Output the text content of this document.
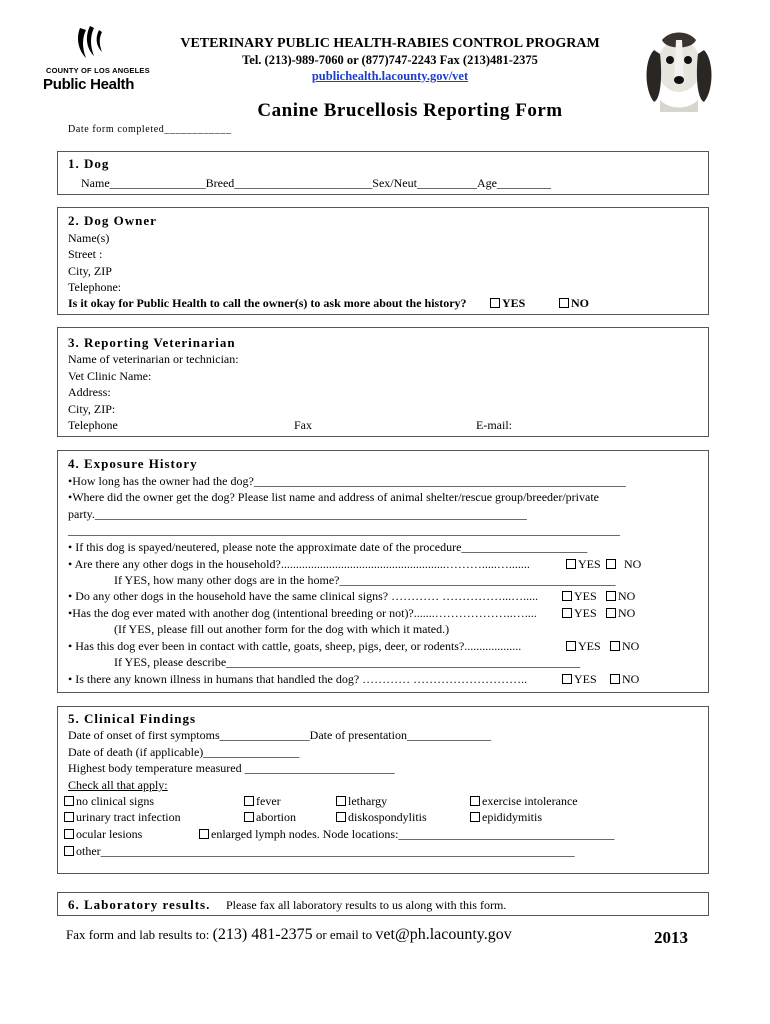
COUNTY OF LOS ANGELES
Public Health
VETERINARY PUBLIC HEALTH-RABIES CONTROL PROGRAM
Tel. (213)-989-7060 or (877)747-2243 Fax (213)481-2375
publichealth.lacounty.gov/vet
Canine Brucellosis Reporting Form
Date form completed____________
1. Dog
Name________________Breed_______________________Sex/Neut__________Age_________
2. Dog Owner
Name(s)
Street :
City, ZIP
Telephone:
Is it okay for Public Health to call the owner(s) to ask more about the history?	YES	NO
3. Reporting Veterinarian
Name of veterinarian or technician:
Vet Clinic Name:
Address:
City, ZIP:
Telephone	Fax	E-mail:
4. Exposure History
•How long has the owner had the dog?______________________________________________________________
•Where did the owner get the dog? Please list name and address of animal shelter/rescue group/breeder/private
party.________________________________________________________________________
____________________________________________________________________________________________
• If this dog is spayed/neutered, please note the approximate date of the procedure_____________________
• Are there any other dogs in the household?.......................................................……….....….......	YES	NO
If YES, how many other dogs are in the home?______________________________________________
• Do any other dogs in the household have the same clinical signs? ………… ……………...….....	YES	NO
•Has the dog ever mated with another dog (intentional breeding or not)?.......………………..…....	YES	NO
(If YES, please fill out another form for the dog with which it mated.)
• Has this dog ever been in contact with cattle, goats, sheep, pigs, deer, or rodents?...................	YES	NO
If YES, please describe___________________________________________________________
• Is there any known illness in humans that handled the dog? ………… ………………………..	YES	NO
5. Clinical Findings
Date of onset of first symptoms_______________Date of presentation______________
Date of death (if applicable)________________
Highest body temperature measured _________________________
Check all that apply:
no clinical signs	fever	lethargy	exercise intolerance
urinary tract infection	abortion	diskospondylitis	epididymitis
ocular lesions	enlarged lymph nodes. Node locations:____________________________________
other_______________________________________________________________________________
6. Laboratory results. Please fax all laboratory results to us along with this form.
Fax form and lab results to: (213) 481-2375 or email to vet@ph.lacounty.gov	2013
